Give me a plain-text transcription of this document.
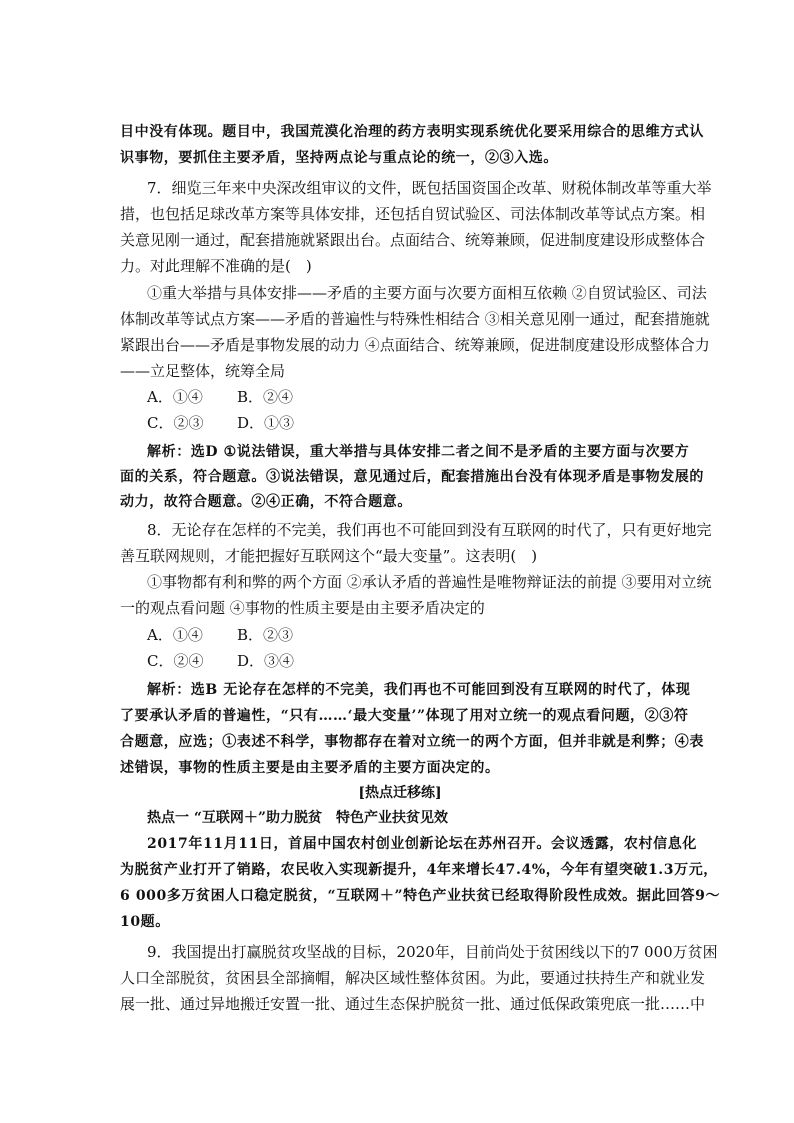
目中没有体现。题目中，我国荒漠化治理的药方表明实现系统优化要采用综合的思维方式认
识事物，要抓住主要矛盾，坚持两点论与重点论的统一，②③入选。
7．细览三年来中央深改组审议的文件，既包括国资国企改革、财税体制改革等重大举
措，也包括足球改革方案等具体安排，还包括自贸试验区、司法体制改革等试点方案。相
关意见刚一通过，配套措施就紧跟出台。点面结合、统筹兼顾，促进制度建设形成整体合
力。对此理解不准确的是(　)
①重大举措与具体安排——矛盾的主要方面与次要方面相互依赖 ②自贸试验区、司法
体制改革等试点方案——矛盾的普遍性与特殊性相结合 ③相关意见刚一通过，配套措施就
紧跟出台——矛盾是事物发展的动力 ④点面结合、统筹兼顾，促进制度建设形成整体合力
——立足整体，统筹全局
A．①④ B．②④
C．②③ D．①③
解析：选D ①说法错误，重大举措与具体安排二者之间不是矛盾的主要方面与次要方
面的关系，符合题意。③说法错误，意见通过后，配套措施出台没有体现矛盾是事物发展的
动力，故符合题意。②④正确，不符合题意。
8．无论存在怎样的不完美，我们再也不可能回到没有互联网的时代了，只有更好地完
善互联网规则，才能把握好互联网这个“最大变量”。这表明(　)
①事物都有利和弊的两个方面 ②承认矛盾的普遍性是唯物辩证法的前提 ③要用对立统
一的观点看问题 ④事物的性质主要是由主要矛盾决定的
A．①④ B．②③
C．②④ D．③④
解析：选B 无论存在怎样的不完美，我们再也不可能回到没有互联网的时代了，体现
了要承认矛盾的普遍性，“只有……‘最大变量’”体现了用对立统一的观点看问题，②③符
合题意，应选；①表述不科学，事物都存在着对立统一的两个方面，但并非就是利弊；④表
述错误，事物的性质主要是由主要矛盾的主要方面决定的。
[热点迁移练]
热点一 “互联网＋”助力脱贫　特色产业扶贫见效
2017年11月11日，首届中国农村创业创新论坛在苏州召开。会议透露，农村信息化
为脱贫产业打开了销路，农民收入实现新提升，4年来增长47.4%，今年有望突破1.3万元，
6 000多万贫困人口稳定脱贫，“互联网＋”特色产业扶贫已经取得阶段性成效。据此回答9～
10题。
9．我国提出打赢脱贫攻坚战的目标，2020年，目前尚处于贫困线以下的7 000万贫困
人口全部脱贫，贫困县全部摘帽，解决区域性整体贫困。为此，要通过扶持生产和就业发
展一批、通过异地搬迁安置一批、通过生态保护脱贫一批、通过低保政策兜底一批……中
